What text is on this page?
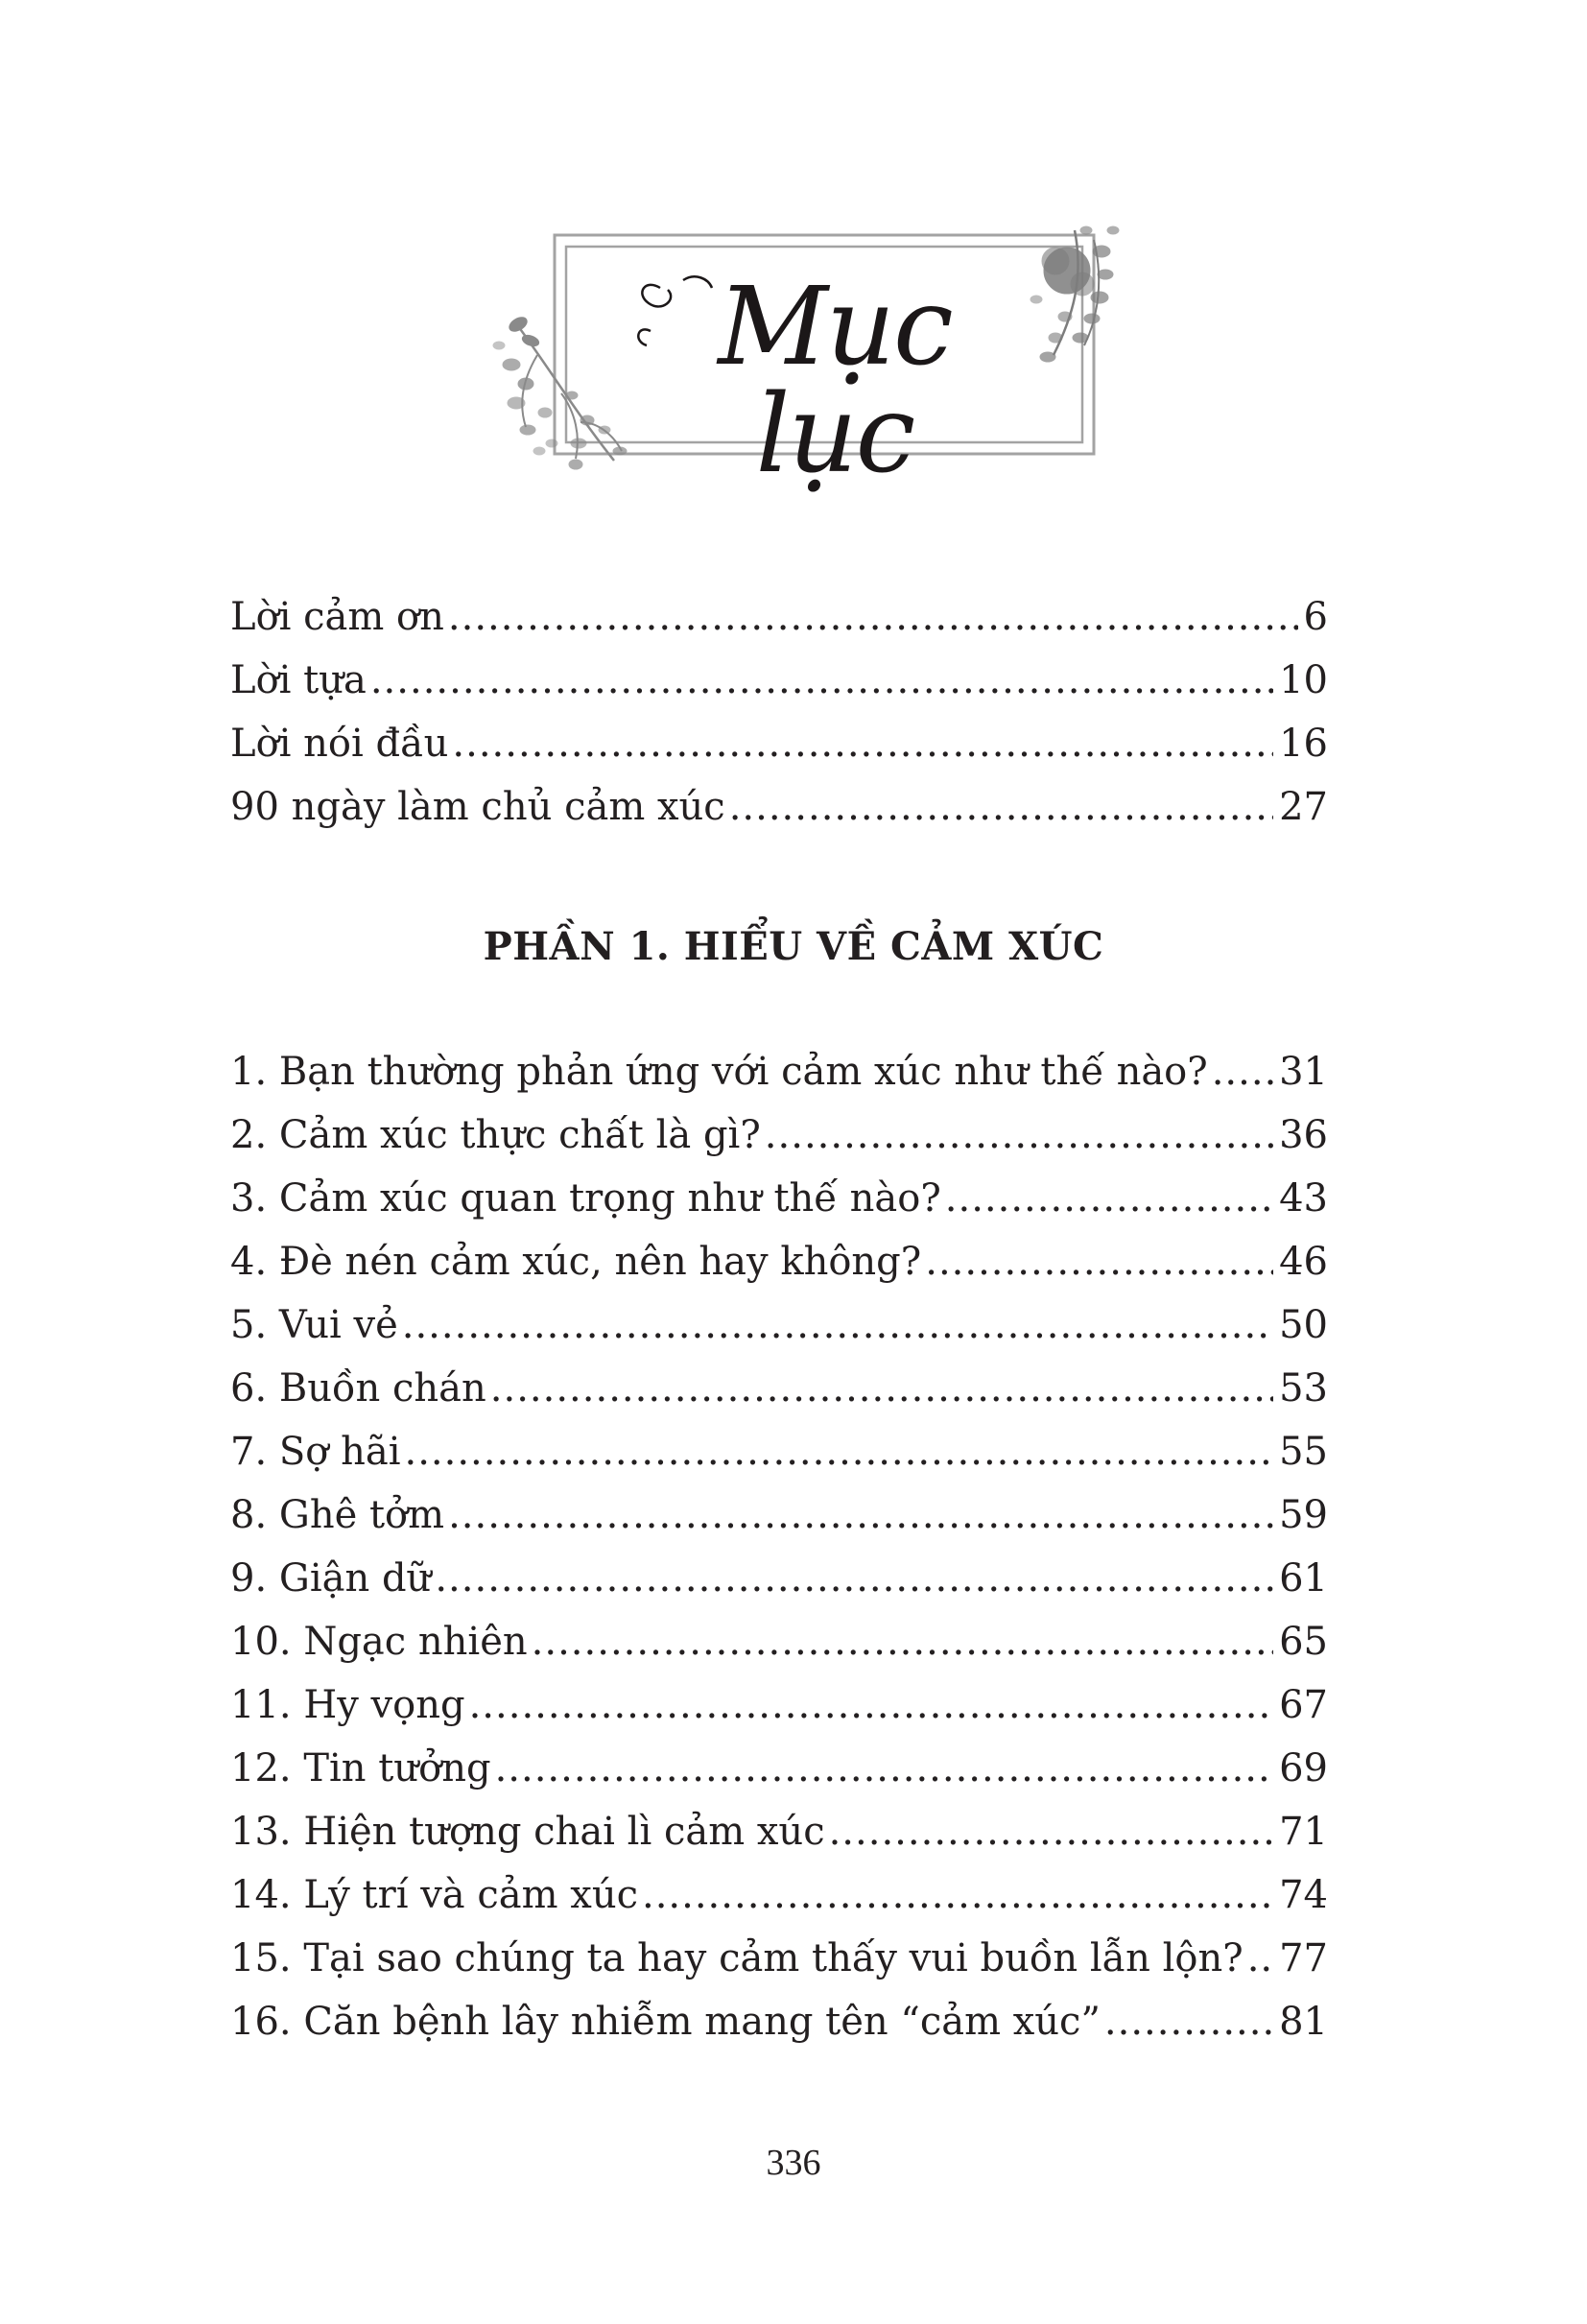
Mục lục
Lời cảm ơn .....	6
Lời tựa .....	10
Lời nói đầu .....	16
90 ngày làm chủ cảm xúc .....	27
PHẦN 1. HIỂU VỀ CẢM XÚC
1. Bạn thường phản ứng với cảm xúc như thế nào? ..... 31
2. Cảm xúc thực chất là gì? .....	36
3. Cảm xúc quan trọng như thế nào? .....	43
4. Đè nén cảm xúc, nên hay không? .....	46
5. Vui vẻ .....	50
6. Buồn chán .....	53
7. Sợ hãi .....	55
8. Ghê tởm .....	59
9. Giận dữ .....	61
10. Ngạc nhiên .....	65
11. Hy vọng .....	67
12. Tin tưởng .....	69
13. Hiện tượng chai lì cảm xúc .....	71
14. Lý trí và cảm xúc .....	74
15. Tại sao chúng ta hay cảm thấy vui buồn lẫn lộn? ..... 77
16. Căn bệnh lây nhiễm mang tên “cảm xúc” .....	81
336
